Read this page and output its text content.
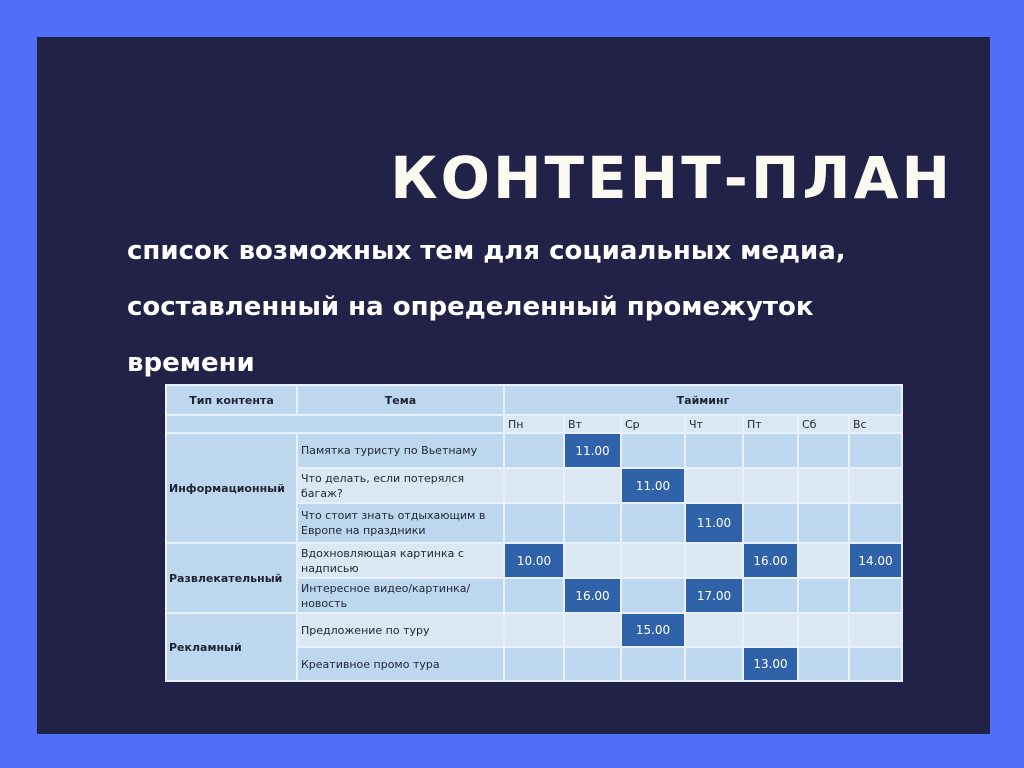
КОНТЕНТ-ПЛАН
список возможных тем для социальных медиа,
составленный на определенный промежуток
времени
Тип контента	Тема	Тайминг						
		Пн	Вт	Ср	Чт	Пт	Сб	Вс
Информационный	Памятка туристу по Вьетнаму		11.00					
	Что делать, если потерялся багаж?			11.00				
	Что стоит знать отдыхающим в Европе на праздники				11.00			
Развлекательный	Вдохновляющая картинка с надписью	10.00				16.00		14.00
	Интересное видео/картинка/новость		16.00		17.00			
Рекламный	Предложение по туру			15.00				
	Креативное промо тура					13.00		
